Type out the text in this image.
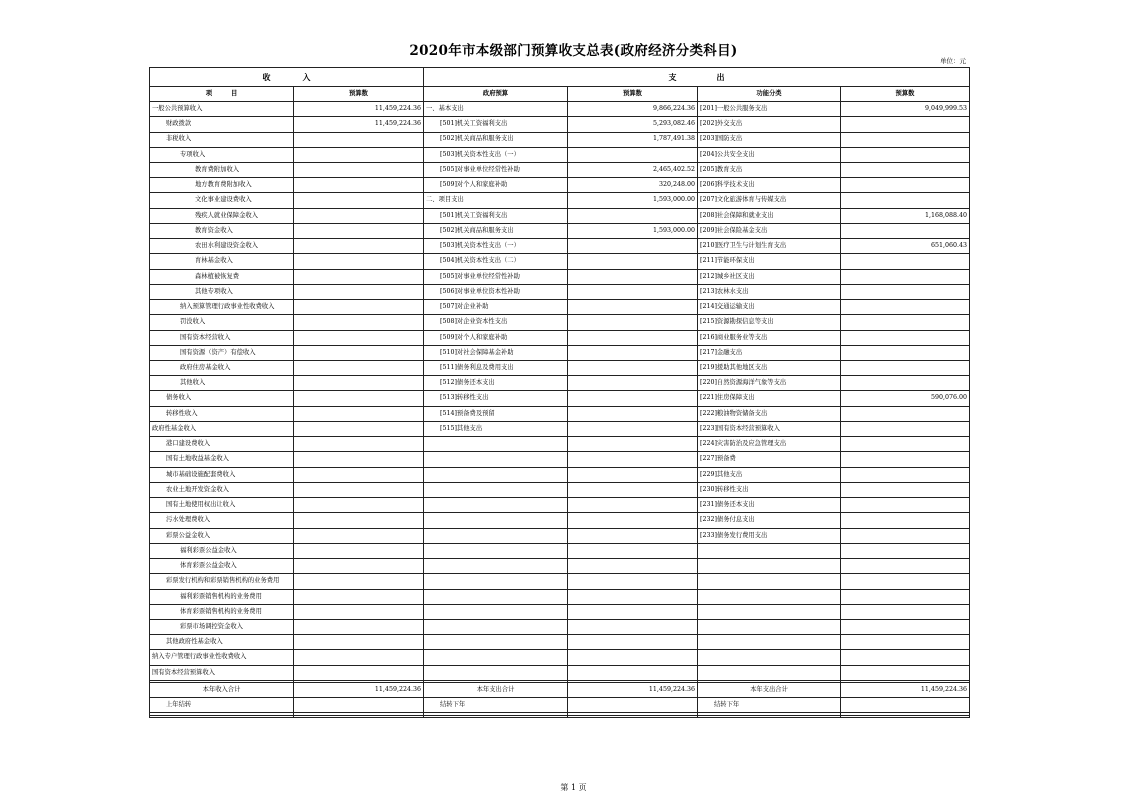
2020年市本级部门预算收支总表(政府经济分类科目)
单位：元
收　　　　入		支　　　　　出			
项　　　目	预算数	政府预算	预算数	功能分类	预算数
一般公共预算收入	11,459,224.36	一、基本支出	9,866,224.36	[201]一般公共服务支出	9,049,999.53
财政拨款	11,459,224.36	[501]机关工资福利支出	5,293,082.46	[202]外交支出	
非税收入		[502]机关商品和服务支出	1,787,491.38	[203]国防支出	
专项收入		[503]机关资本性支出（一）		[204]公共安全支出	
教育费附加收入		[505]对事业单位经常性补助	2,465,402.52	[205]教育支出	
地方教育费附加收入		[509]对个人和家庭补助	320,248.00	[206]科学技术支出	
文化事业建设费收入		二、项目支出	1,593,000.00	[207]文化旅游体育与传媒支出	
残疾人就业保障金收入		[501]机关工资福利支出		[208]社会保障和就业支出	1,168,088.40
教育资金收入		[502]机关商品和服务支出	1,593,000.00	[209]社会保险基金支出	
农田水利建设资金收入		[503]机关资本性支出（一）		[210]医疗卫生与计划生育支出	651,060.43
育林基金收入		[504]机关资本性支出（二）		[211]节能环保支出	
森林植被恢复费		[505]对事业单位经常性补助		[212]城乡社区支出	
其他专项收入		[506]对事业单位资本性补助		[213]农林水支出	
纳入预算管理行政事业性收费收入		[507]对企业补助		[214]交通运输支出	
罚没收入		[508]对企业资本性支出		[215]资源勘探信息等支出	
国有资本经营收入		[509]对个人和家庭补助		[216]商业服务业等支出	
国有资源（资产）有偿收入		[510]对社会保障基金补助		[217]金融支出	
政府住房基金收入		[511]债务利息及费用支出		[219]援助其他地区支出	
其他收入		[512]债务还本支出		[220]自然资源海洋气象等支出	
债务收入		[513]转移性支出		[221]住房保障支出	590,076.00
转移性收入		[514]预备费及预留		[222]粮油物资储备支出	
政府性基金收入		[515]其他支出		[223]国有资本经营预算收入	
港口建设费收入				[224]灾害防治及应急管理支出	
国有土地收益基金收入				[227]预备费	
城市基础设施配套费收入				[229]其他支出	
农业土地开发资金收入				[230]转移性支出	
国有土地使用权出让收入				[231]债务还本支出	
污水处理费收入				[232]债务付息支出	
彩票公益金收入				[233]债务发行费用支出	
福利彩票公益金收入					
体育彩票公益金收入					
彩票发行机构和彩票销售机构的业务费用					
福利彩票销售机构的业务费用					
体育彩票销售机构的业务费用					
彩票市场调控资金收入					
其他政府性基金收入					
纳入专户管理行政事业性收费收入					
国有资本经营预算收入					

本年收入合计	11,459,224.36	本年支出合计	11,459,224.36	本年支出合计	11,459,224.36
上年结转		结转下年		结转下年	

第 1 页
